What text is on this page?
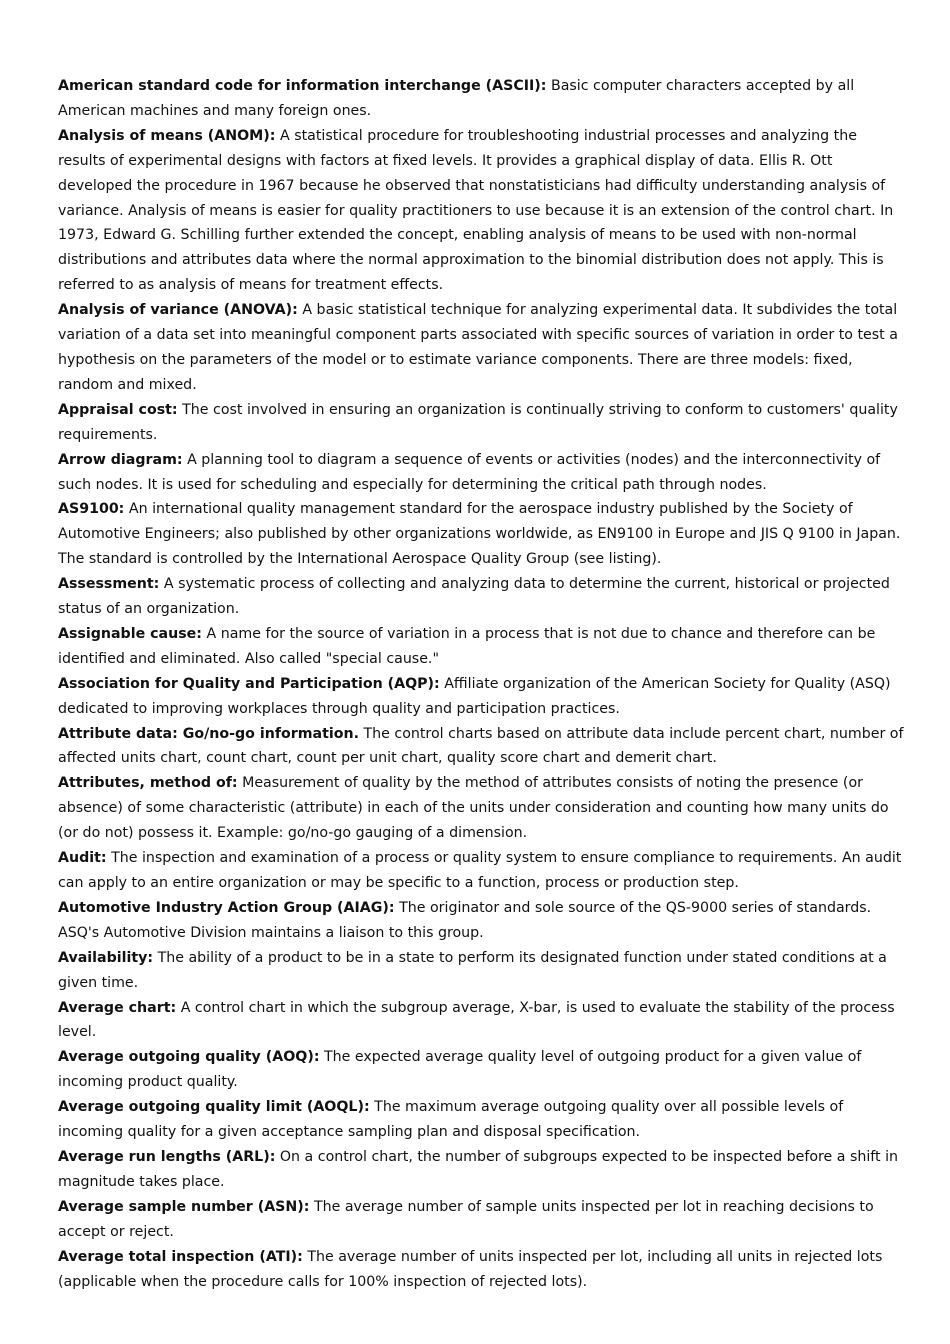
American standard code for information interchange (ASCII): Basic computer characters accepted by all American machines and many foreign ones.

Analysis of means (ANOM): A statistical procedure for troubleshooting industrial processes and analyzing the results of experimental designs with factors at fixed levels. It provides a graphical display of data. Ellis R. Ott developed the procedure in 1967 because he observed that nonstatisticians had difficulty understanding analysis of variance. Analysis of means is easier for quality practitioners to use because it is an extension of the control chart. In 1973, Edward G. Schilling further extended the concept, enabling analysis of means to be used with non-normal distributions and attributes data where the normal approximation to the binomial distribution does not apply. This is referred to as analysis of means for treatment effects.

Analysis of variance (ANOVA): A basic statistical technique for analyzing experimental data. It subdivides the total variation of a data set into meaningful component parts associated with specific sources of variation in order to test a hypothesis on the parameters of the model or to estimate variance components. There are three models: fixed, random and mixed.

Appraisal cost: The cost involved in ensuring an organization is continually striving to conform to customers' quality requirements.

Arrow diagram: A planning tool to diagram a sequence of events or activities (nodes) and the interconnectivity of such nodes. It is used for scheduling and especially for determining the critical path through nodes.

AS9100: An international quality management standard for the aerospace industry published by the Society of Automotive Engineers; also published by other organizations worldwide, as EN9100 in Europe and JIS Q 9100 in Japan. The standard is controlled by the International Aerospace Quality Group (see listing).

Assessment: A systematic process of collecting and analyzing data to determine the current, historical or projected status of an organization.

Assignable cause: A name for the source of variation in a process that is not due to chance and therefore can be identified and eliminated. Also called "special cause."

Association for Quality and Participation (AQP): Affiliate organization of the American Society for Quality (ASQ) dedicated to improving workplaces through quality and participation practices.

Attribute data: Go/no-go information. The control charts based on attribute data include percent chart, number of affected units chart, count chart, count per unit chart, quality score chart and demerit chart.

Attributes, method of: Measurement of quality by the method of attributes consists of noting the presence (or absence) of some characteristic (attribute) in each of the units under consideration and counting how many units do (or do not) possess it. Example: go/no-go gauging of a dimension.

Audit: The inspection and examination of a process or quality system to ensure compliance to requirements. An audit can apply to an entire organization or may be specific to a function, process or production step.

Automotive Industry Action Group (AIAG): The originator and sole source of the QS-9000 series of standards. ASQ's Automotive Division maintains a liaison to this group.

Availability: The ability of a product to be in a state to perform its designated function under stated conditions at a given time.

Average chart: A control chart in which the subgroup average, X-bar, is used to evaluate the stability of the process level.

Average outgoing quality (AOQ): The expected average quality level of outgoing product for a given value of incoming product quality.

Average outgoing quality limit (AOQL): The maximum average outgoing quality over all possible levels of incoming quality for a given acceptance sampling plan and disposal specification.

Average run lengths (ARL): On a control chart, the number of subgroups expected to be inspected before a shift in magnitude takes place.

Average sample number (ASN): The average number of sample units inspected per lot in reaching decisions to accept or reject.

Average total inspection (ATI): The average number of units inspected per lot, including all units in rejected lots (applicable when the procedure calls for 100% inspection of rejected lots).
